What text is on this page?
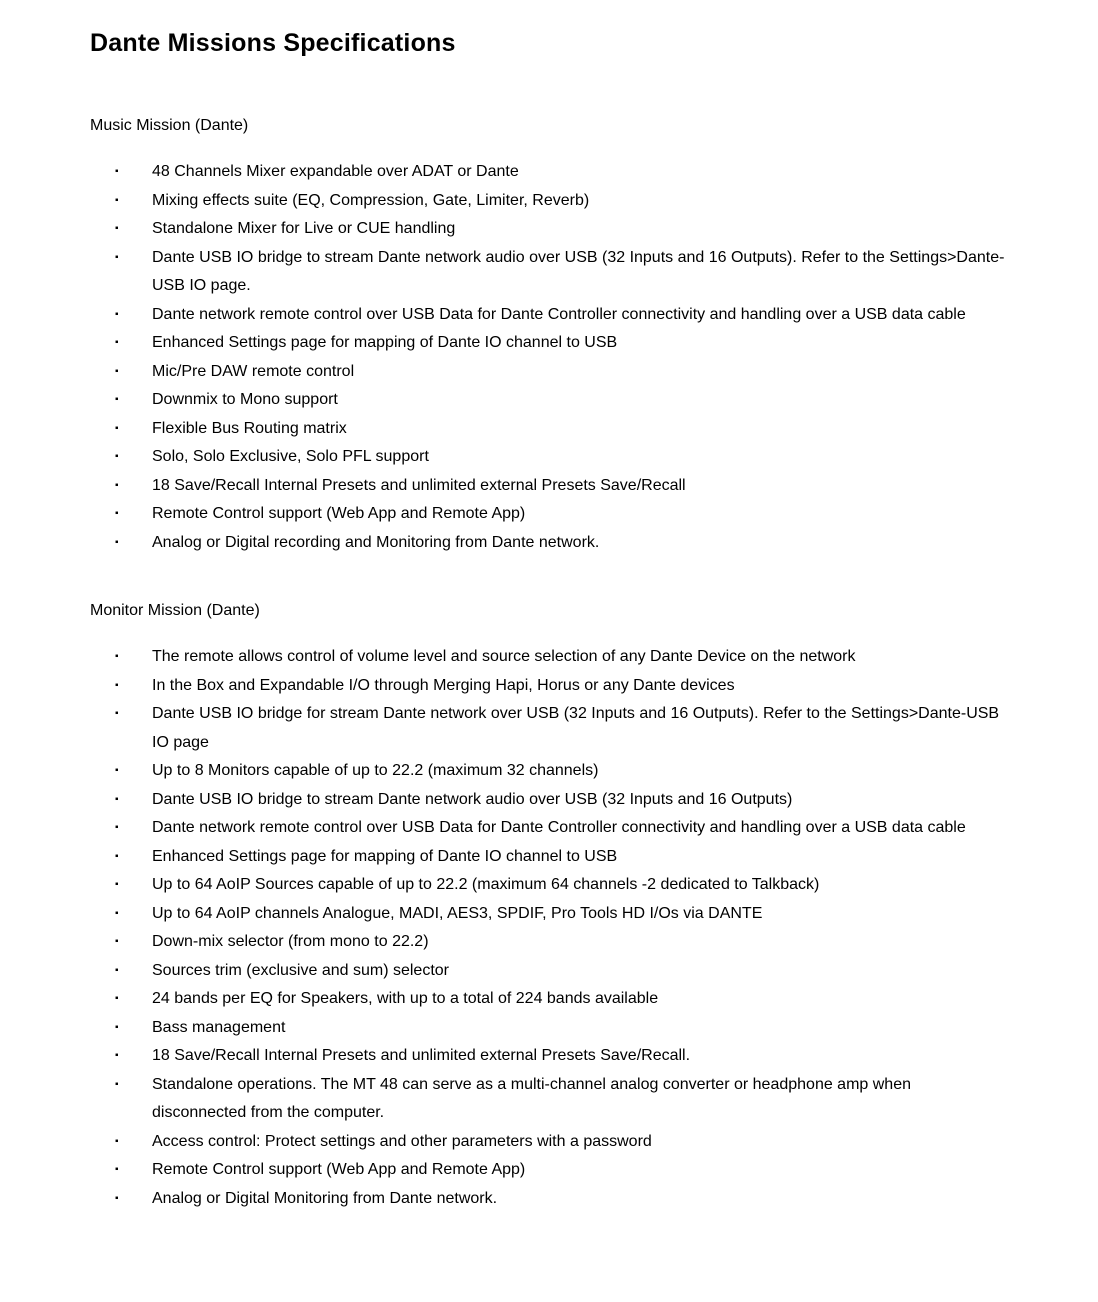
Dante Missions Specifications
Music Mission (Dante)
▪	48 Channels Mixer expandable over ADAT or Dante
▪	Mixing effects suite (EQ, Compression, Gate, Limiter, Reverb)
▪	Standalone Mixer for Live or CUE handling
▪	Dante USB IO bridge to stream Dante network audio over USB (32 Inputs and 16 Outputs). Refer to the Settings>Dante-USB IO page.
▪	Dante network remote control over USB Data for Dante Controller connectivity and handling over a USB data cable
▪	Enhanced Settings page for mapping of Dante IO channel to USB
▪	Mic/Pre DAW remote control
▪	Downmix to Mono support
▪	Flexible Bus Routing matrix
▪	Solo, Solo Exclusive, Solo PFL support
▪	18 Save/Recall Internal Presets and unlimited external Presets Save/Recall
▪	Remote Control support (Web App and Remote App)
▪	Analog or Digital recording and Monitoring from Dante network.
Monitor Mission (Dante)
▪	The remote allows control of volume level and source selection of any Dante Device on the network
▪	In the Box and Expandable I/O through Merging Hapi, Horus or any Dante devices
▪	Dante USB IO bridge for stream Dante network over USB (32 Inputs and 16 Outputs). Refer to the Settings>Dante-USB IO page
▪	Up to 8 Monitors capable of up to 22.2 (maximum 32 channels)
▪	Dante USB IO bridge to stream Dante network audio over USB (32 Inputs and 16 Outputs)
▪	Dante network remote control over USB Data for Dante Controller connectivity and handling over a USB data cable
▪	Enhanced Settings page for mapping of Dante IO channel to USB
▪	Up to 64 AoIP Sources capable of up to 22.2 (maximum 64 channels -2 dedicated to Talkback)
▪	Up to 64 AoIP channels Analogue, MADI, AES3, SPDIF, Pro Tools HD I/Os via DANTE
▪	Down-mix selector (from mono to 22.2)
▪	Sources trim (exclusive and sum) selector
▪	24 bands per EQ for Speakers, with up to a total of 224 bands available
▪	Bass management
▪	18 Save/Recall Internal Presets and unlimited external Presets Save/Recall.
▪	Standalone operations. The MT 48 can serve as a multi-channel analog converter or headphone amp when disconnected from the computer.
▪	Access control: Protect settings and other parameters with a password
▪	Remote Control support (Web App and Remote App)
▪	Analog or Digital Monitoring from Dante network.
